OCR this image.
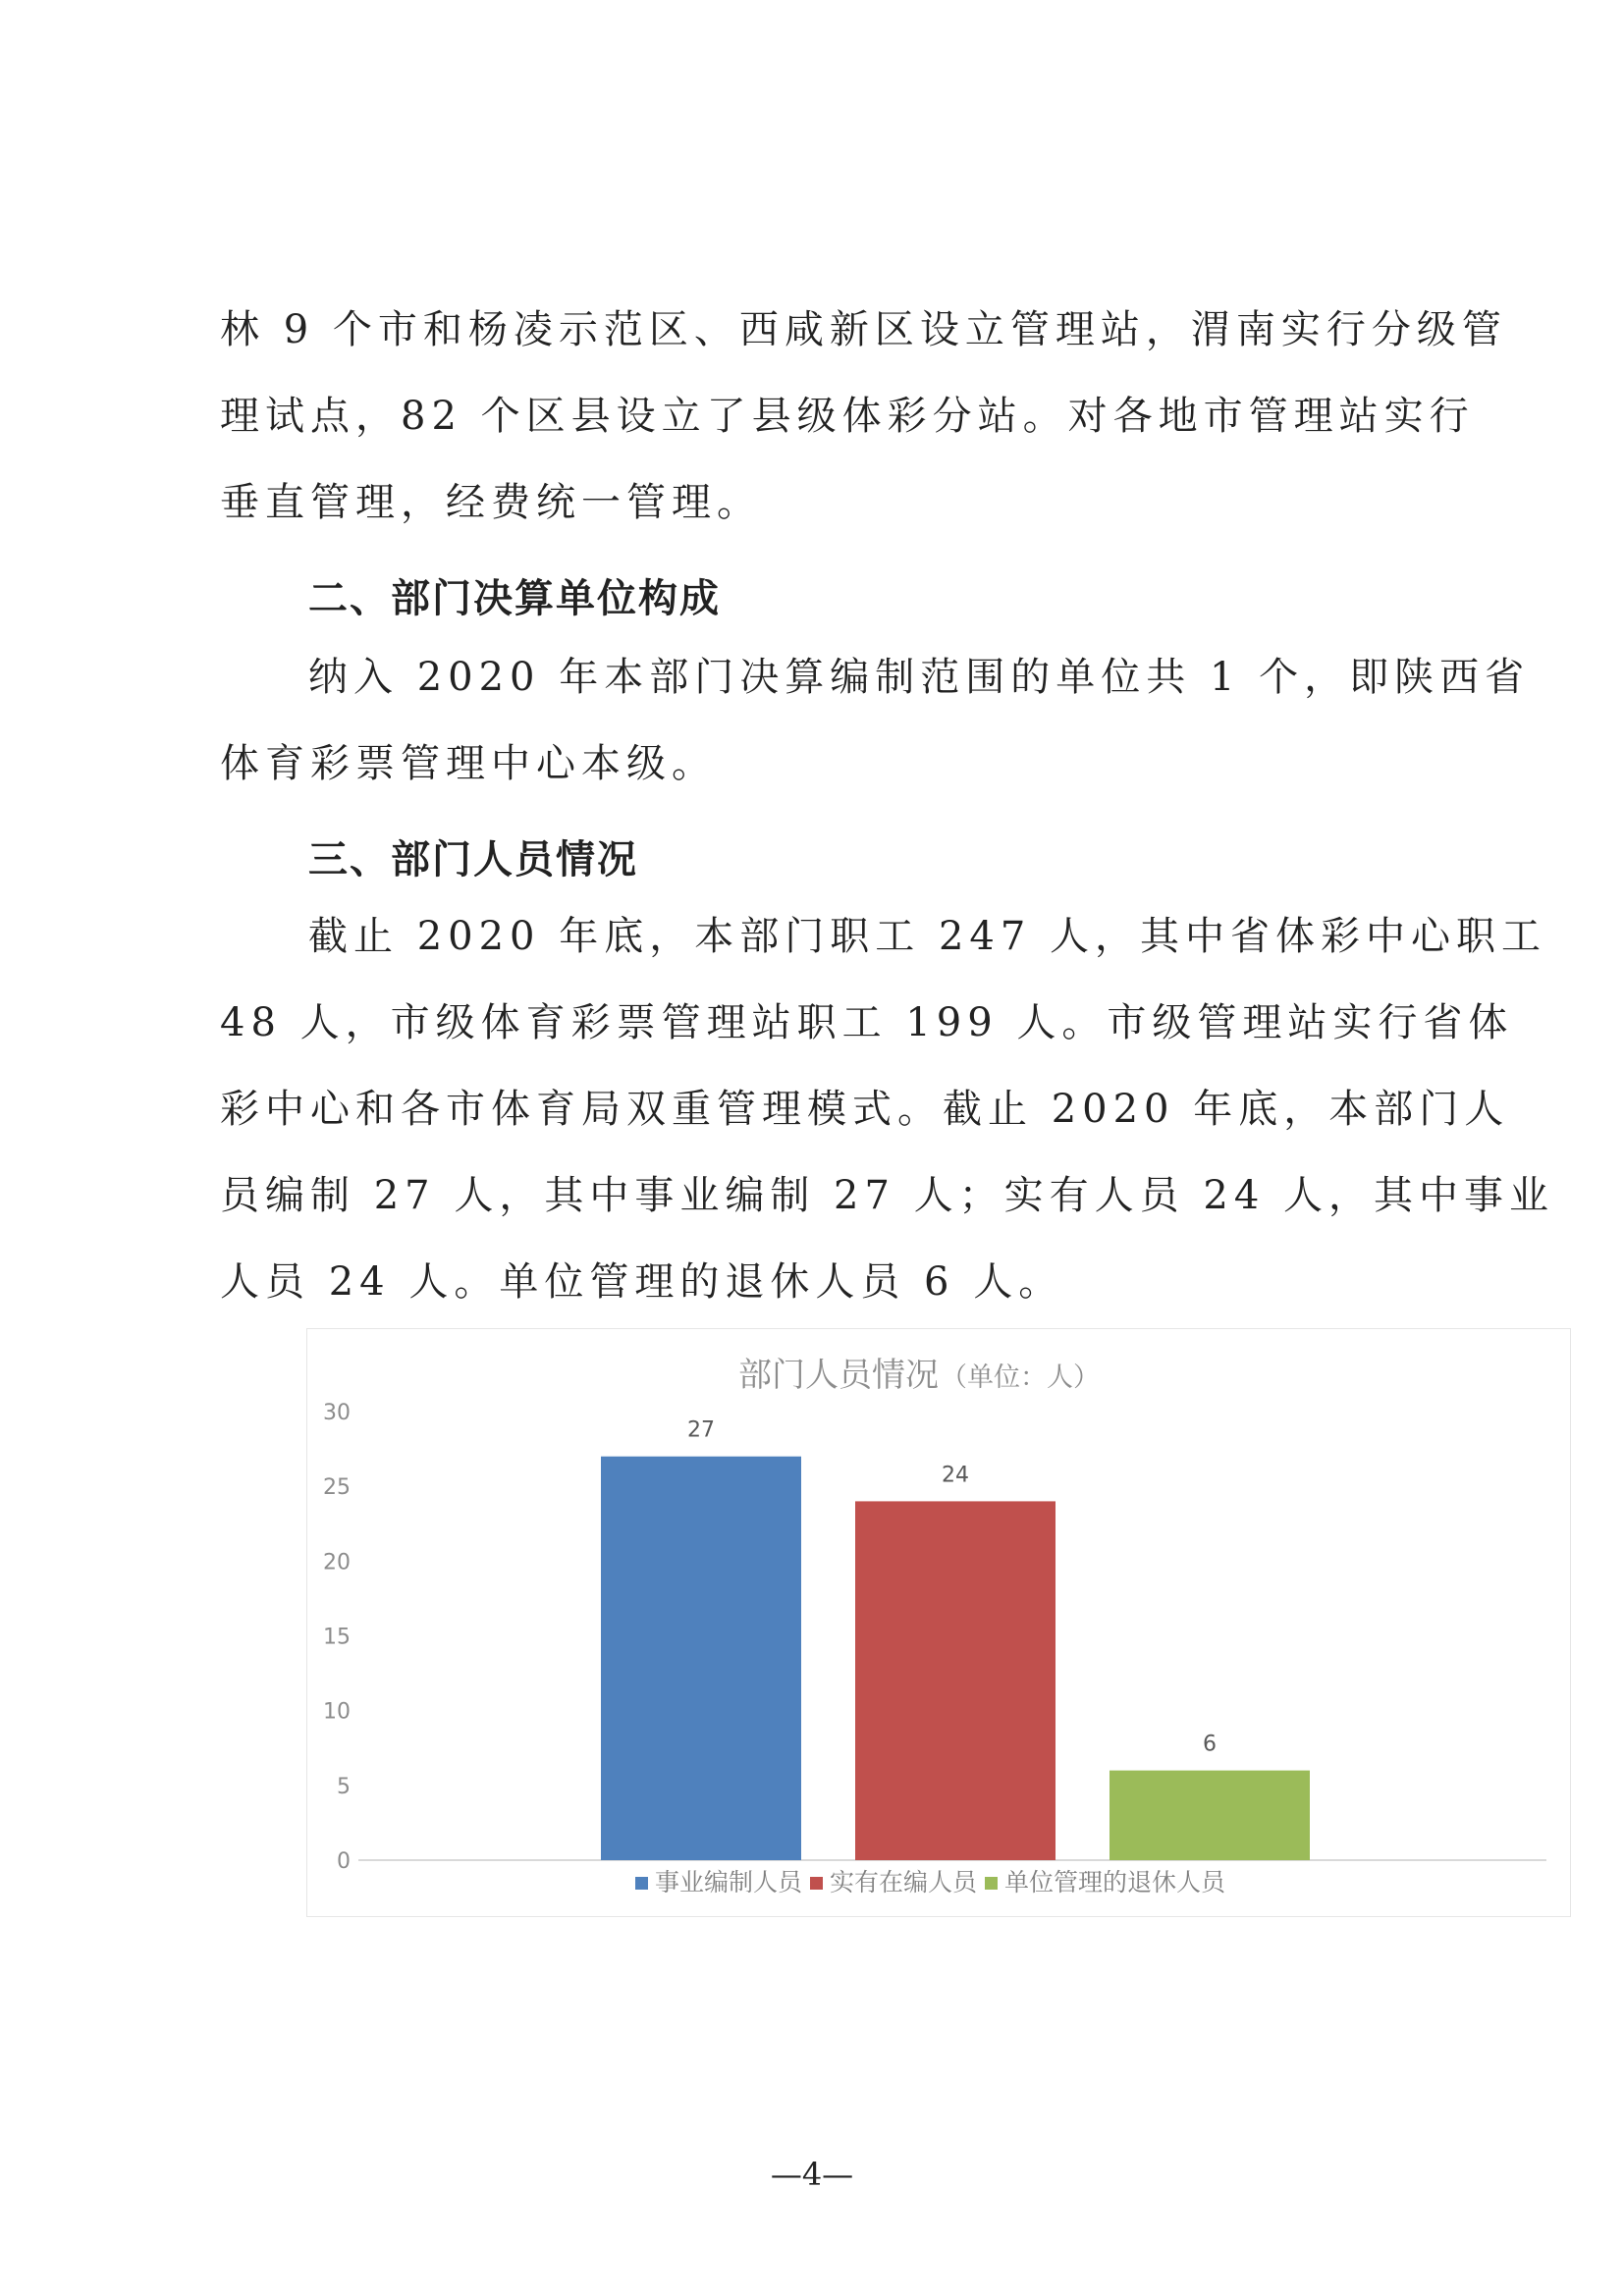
林 9 个市和杨凌示范区、西咸新区设立管理站，渭南实行分级管
理试点，82 个区县设立了县级体彩分站。对各地市管理站实行
垂直管理，经费统一管理。
二、部门决算单位构成
纳入 2020 年本部门决算编制范围的单位共 1 个，即陕西省
体育彩票管理中心本级。
三、部门人员情况
截止 2020 年底，本部门职工 247 人，其中省体彩中心职工
48 人，市级体育彩票管理站职工 199 人。市级管理站实行省体
彩中心和各市体育局双重管理模式。截止 2020 年底，本部门人
员编制 27 人，其中事业编制 27 人；实有人员 24 人，其中事业
人员 24 人。单位管理的退休人员 6 人。
部门人员情况 （单位：人）
0
5
10
15
20
25
30
27
24
6
事业编制人员 实有在编人员 单位管理的退休人员
—4—
